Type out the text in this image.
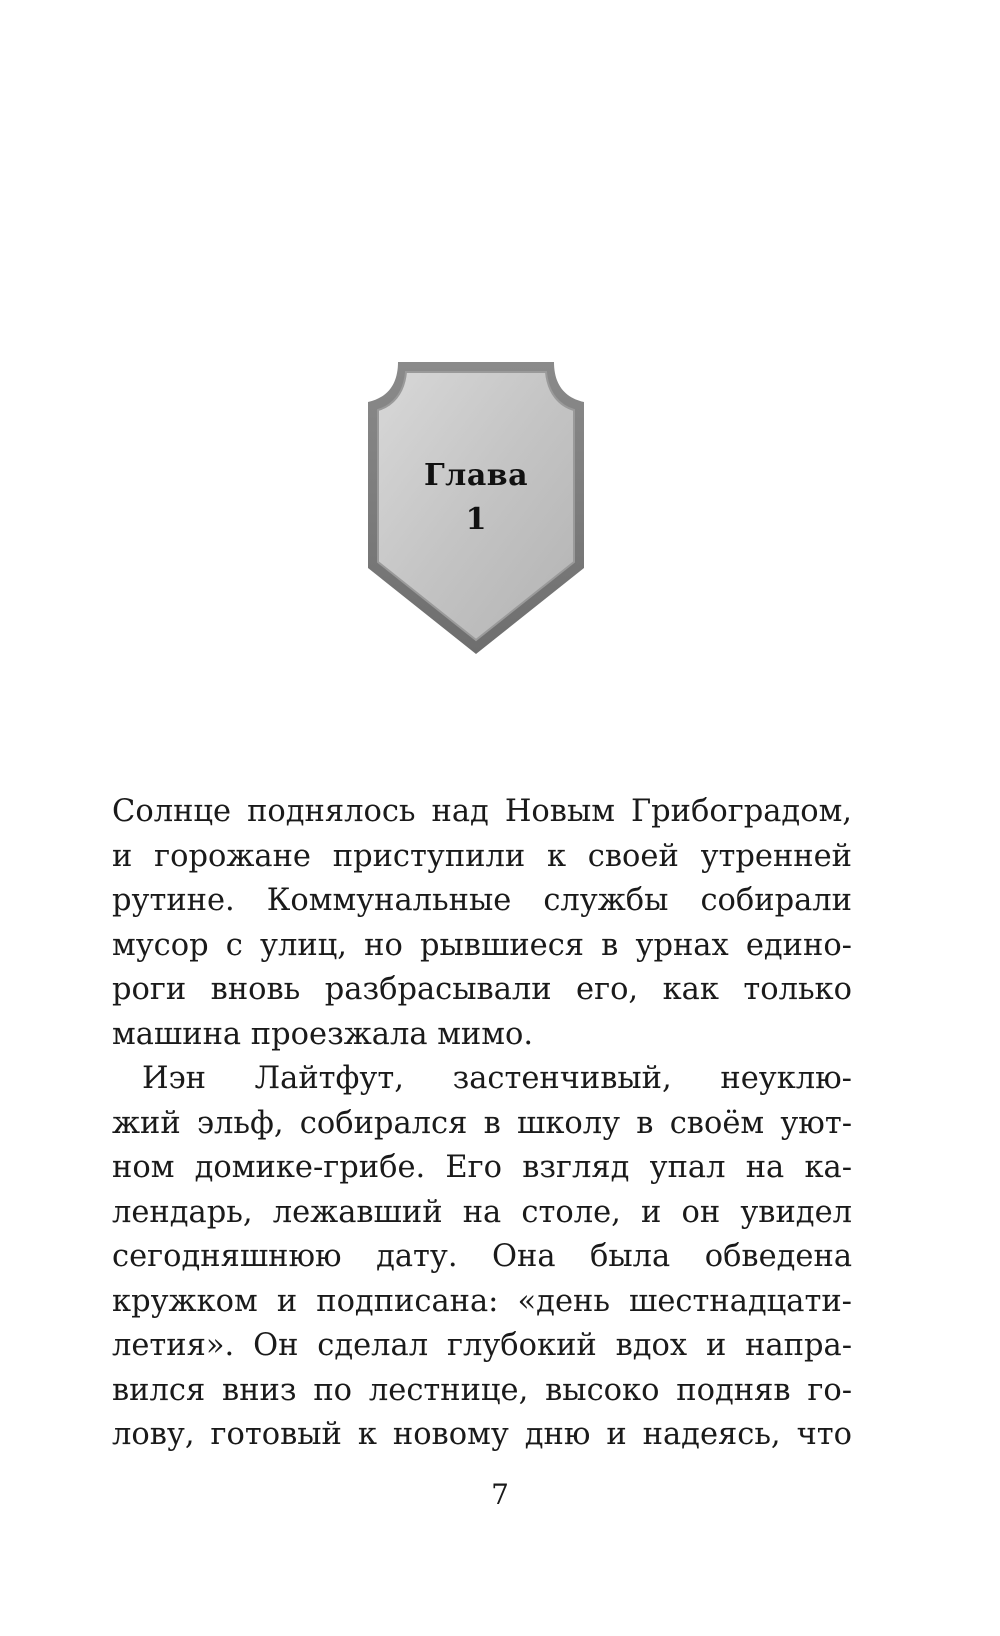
Глава
1
Солнце поднялось над Новым Грибоградом,
и горожане приступили к своей утренней
рутине. Коммунальные службы собирали
мусор с улиц, но рывшиеся в урнах едино-
роги вновь разбрасывали его, как только
машина проезжала мимо.
Иэн Лайтфут, застенчивый, неуклю-
жий эльф, собирался в школу в своём уют-
ном домике-грибе. Его взгляд упал на ка-
лендарь, лежавший на столе, и он увидел
сегодняшнюю дату. Она была обведена
кружком и подписана: «день шестнадцати-
летия». Он сделал глубокий вдох и напра-
вился вниз по лестнице, высоко подняв го-
лову, готовый к новому дню и надеясь, что
7
